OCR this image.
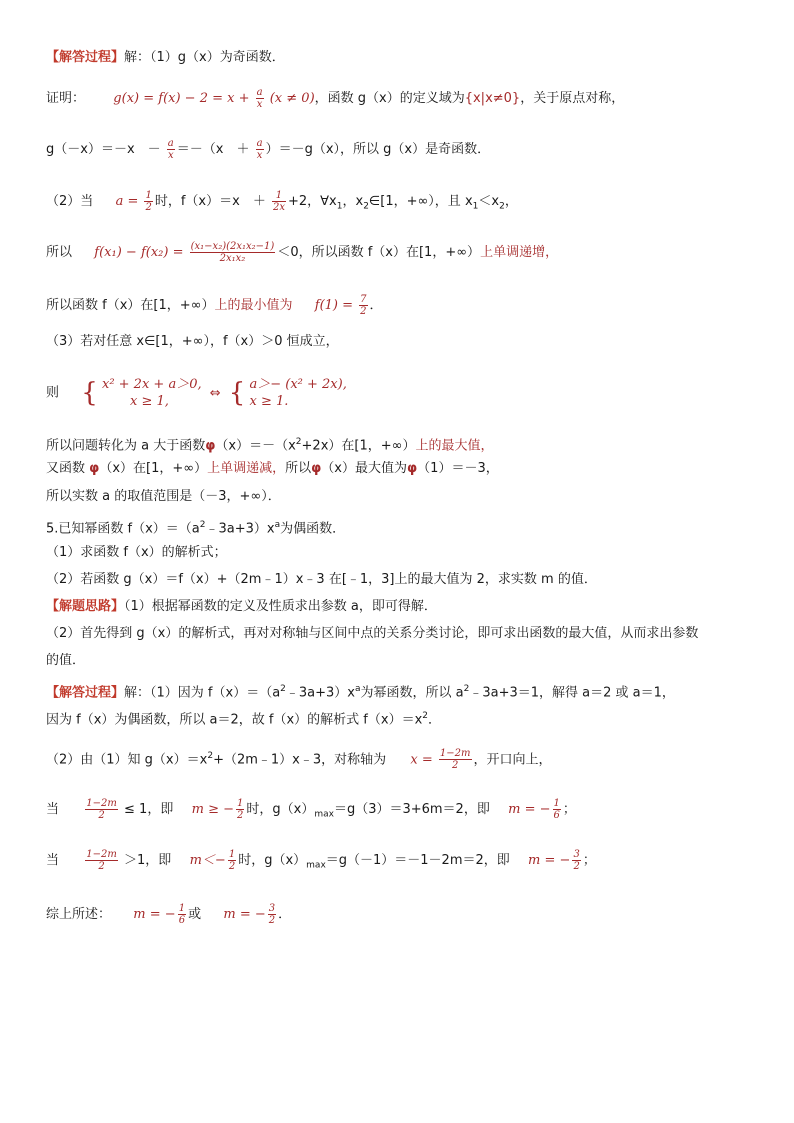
【解答过程】解：（1）g（x）为奇函数．
证明： $g(x) = f(x) - 2 = x + \frac{a}{x} (x \ne 0)$，函数 g（x）的定义域为{x|x≠0}，关于原点对称，
g（－x）＝－x　－ $\frac{a}{x} =-(x$　＋ $\frac{a}{x} )=-g(x)$，所以 g（x）是奇函数．
（2）当 $a = \frac{1}{2}$ 时，f（x）＝x　＋ $\frac{1}{2x} +2$，$\forall x_1$，$x_2\in[1$，+∞），且 $x_1<x_2$，
所以 $f(x_1) - f(x_2) = \frac{\text{(x₁−x₂)(2x₁x₂−1)}}{\text{2x₁x₂}} <0$，所以函数 f（x）在[1，+∞）上单调递增，
所以函数 f（x）在[1，+∞）上的最小值为 $f(1) = \frac{7}{2}$ ．
（3）若对任意 x∈[1，+∞），f（x）＞0 恒成立，
则 { x² + 2x + a＞0,
x ≥ 1,
⇔ { a＞− (x² + 2x),
x ≥ 1.
所以问题转化为 a 大于函数$\varphi(x)=-(x^2+2x)$在[1，+∞）上的最大值，
又函数 φ（x）在[1，+∞）上单调递减，所以φ（x）最大值为φ（1）＝－3，
所以实数 a 的取值范围是（－3，+∞）．
5.已知幂函数 $f(x)=(a^2﹣3a+3)x^a$为偶函数．
（1）求函数 f（x）的解析式；
（2）若函数 g（x）＝f（x）+（2m﹣1）x﹣3 在[﹣1，3]上的最大值为 2，求实数 m 的值．
【解题思路】（1）根据幂函数的定义及性质求出参数 a，即可得解．
（2）首先得到 g（x）的解析式，再对对称轴与区间中点的关系分类讨论，即可求出函数的最大值，从而求出参数
的值．
【解答过程】解：（1）因为 $f(x)=(a^2﹣3a+3)x^a$为幂函数，所以 $a^2﹣3a+3=1$，解得 a＝2 或 a＝1，
因为 f（x）为偶函数，所以 a＝2，故 f（x）的解析式 $f(x)=x^2$．
（2）由（1）知 $g(x)=x^2+(2m﹣1)x﹣3$，对称轴为 $x = \frac{1-2m}{2}$ ，开口向上，
当	$\frac{1-2m}{2} \le 1$，即 m ≥ − $\frac{1}{2}$ 时，$g(x)_{max}=g(3)=3+6m=2$，即 m = − $\frac{1}{6}$ ；
当	$\frac{1-2m}{2} >1$，即 $m<- \frac{1}{2}$ 时，$g(x)_{max}=g(-1)=-1-2m=2$，即 m = − $\frac{3}{2}$ ；
综上所述： m = − $\frac{1}{6}$ 或 m = − $\frac{3}{2}$ ．
